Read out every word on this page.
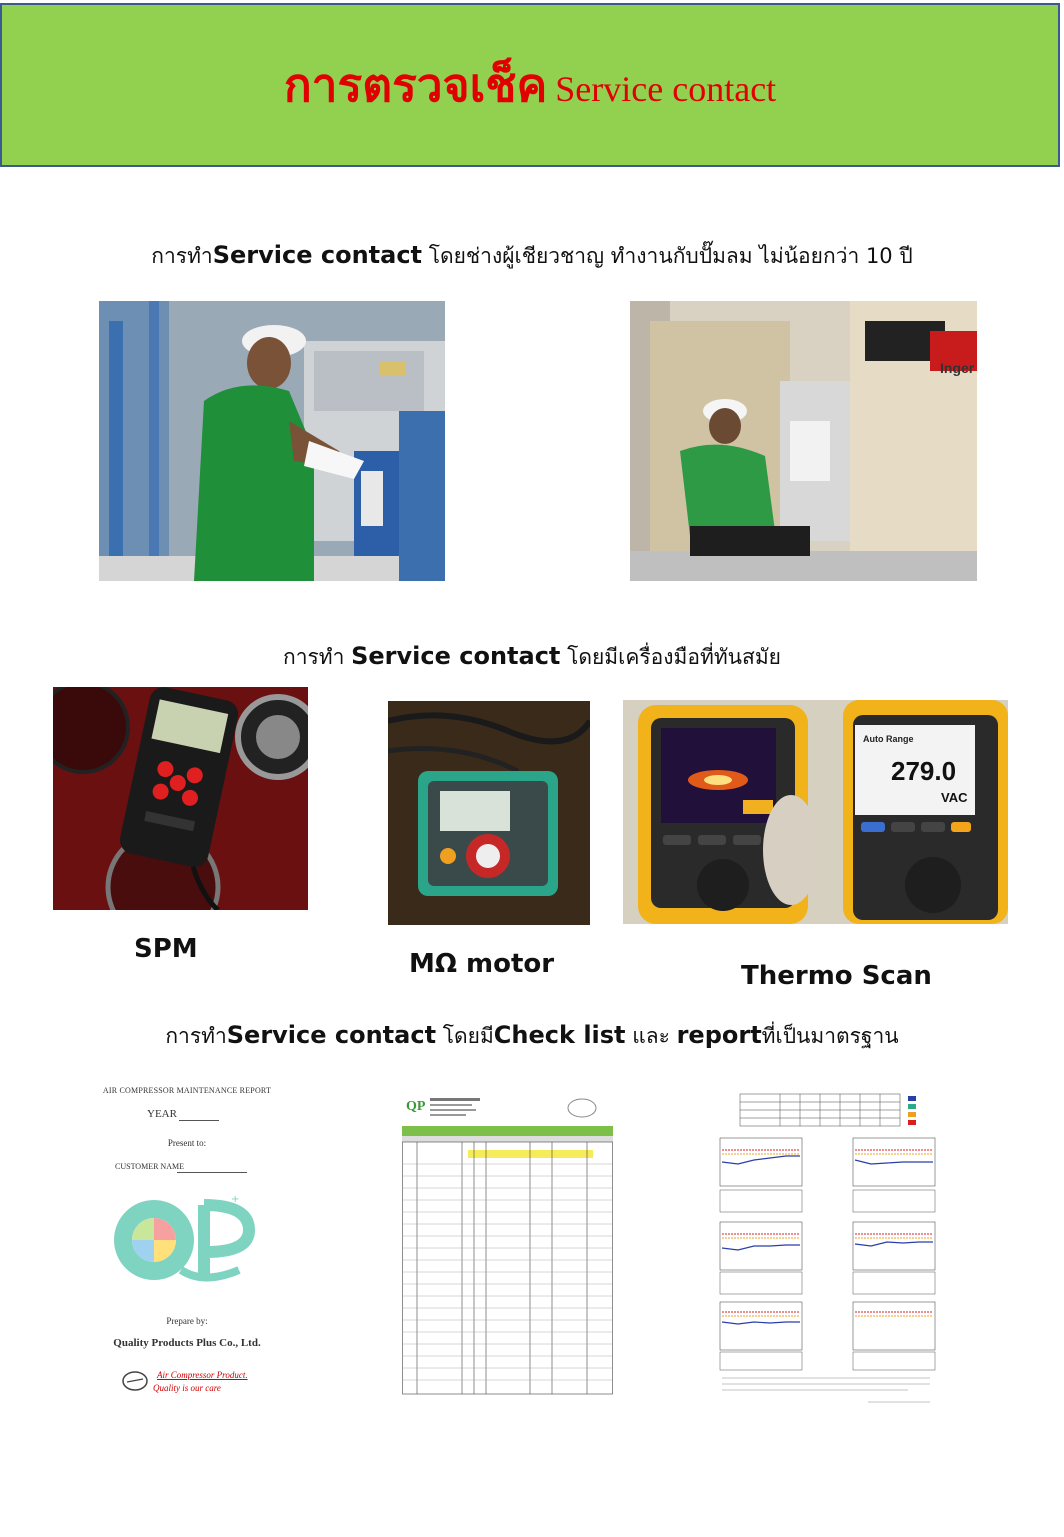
การตรวจเช็ค Service contact
การทำService contact โดยช่างผู้เชียวชาญ ทำงานกับปั๊มลม ไม่น้อยกว่า 10 ปี
Inger
การทำ Service contact โดยมีเครื่องมือที่ทันสมัย
SPM	MΩ motor
Auto Range
279.0
VAC
Thermo Scan
การทำService contact โดยมีCheck list และ reportที่เป็นมาตรฐาน
AIR COMPRESSOR MAINTENANCE REPORT
YEAR
Present to:
CUSTOMER NAME
+
Prepare by:
Quality Products Plus Co., Ltd.
Air Compressor Product.
Quality is our care
QP
